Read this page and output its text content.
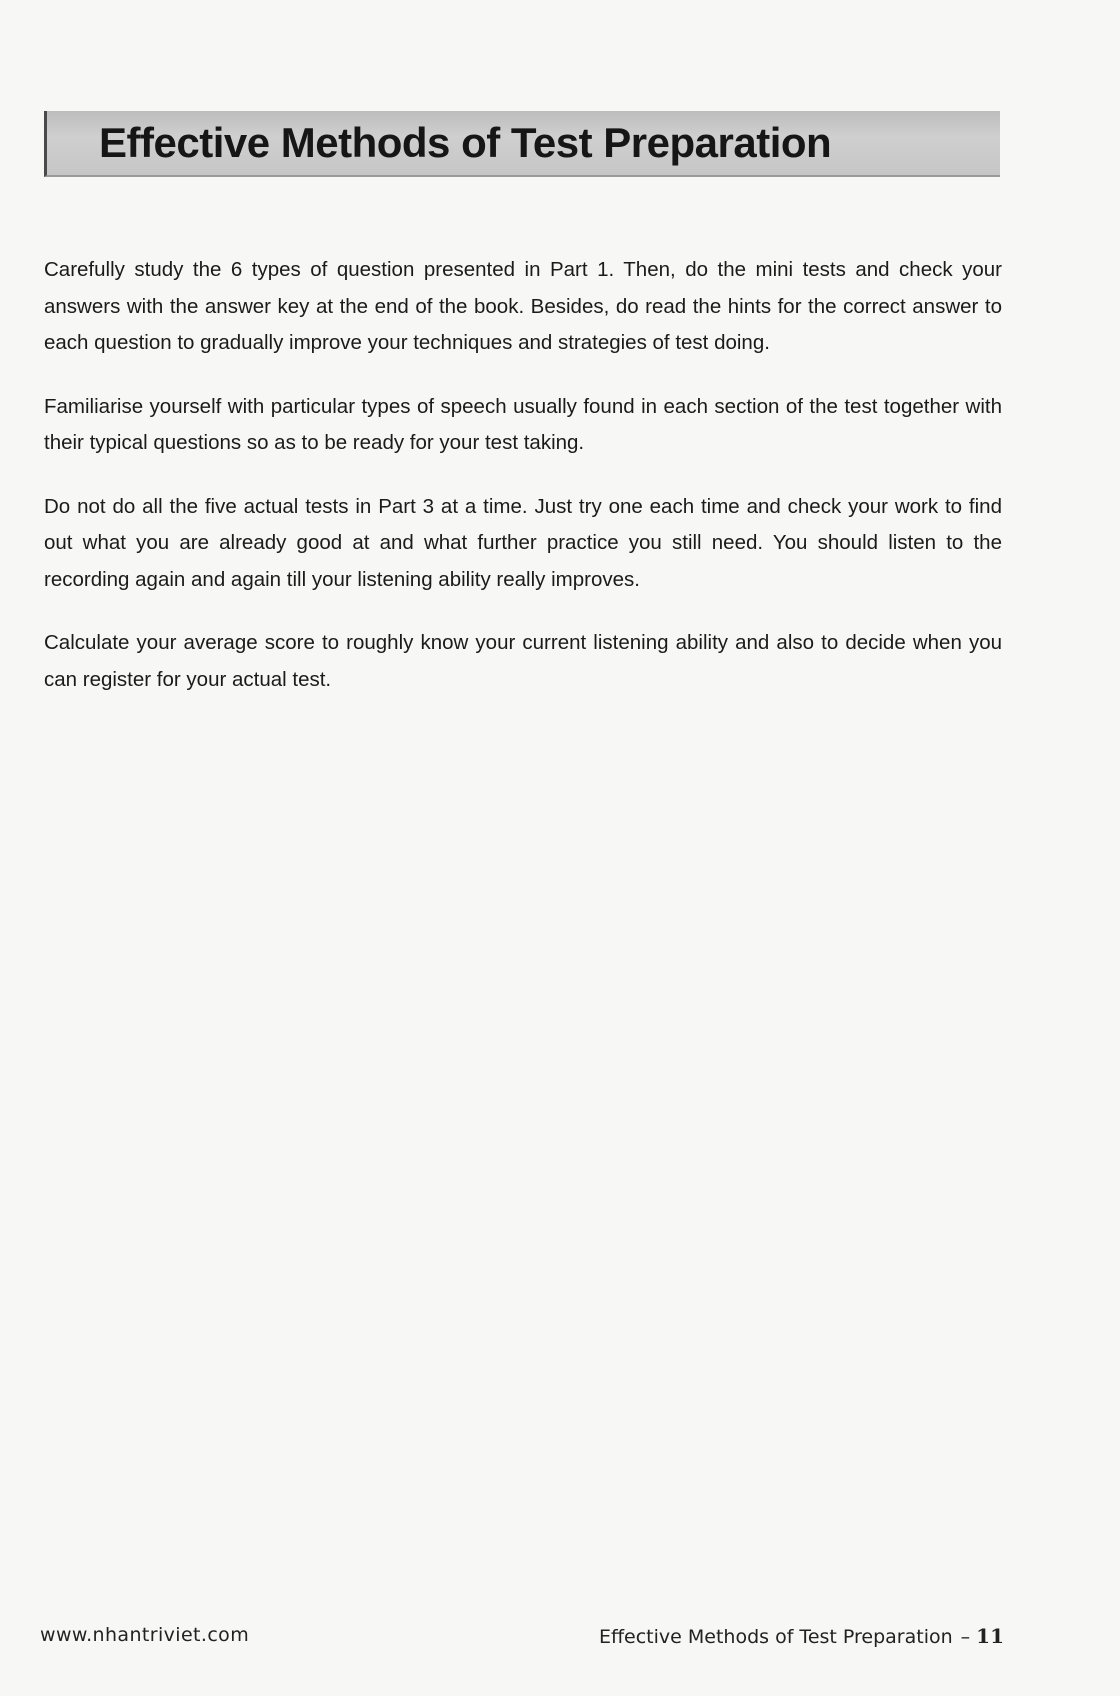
Effective Methods of Test Preparation

Carefully study the 6 types of question presented in Part 1. Then, do the mini tests and check your answers with the answer key at the end of the book. Besides, do read the hints for the correct answer to each question to gradually improve your techniques and strategies of test doing.

Familiarise yourself with particular types of speech usually found in each section of the test together with their typical questions so as to be ready for your test taking.

Do not do all the five actual tests in Part 3 at a time. Just try one each time and check your work to find out what you are already good at and what further practice you still need. You should listen to the recording again and again till your listening ability really improves.

Calculate your average score to roughly know your current listening ability and also to decide when you can register for your actual test.

www.nhantriviet.com	Effective Methods of Test Preparation – 11
